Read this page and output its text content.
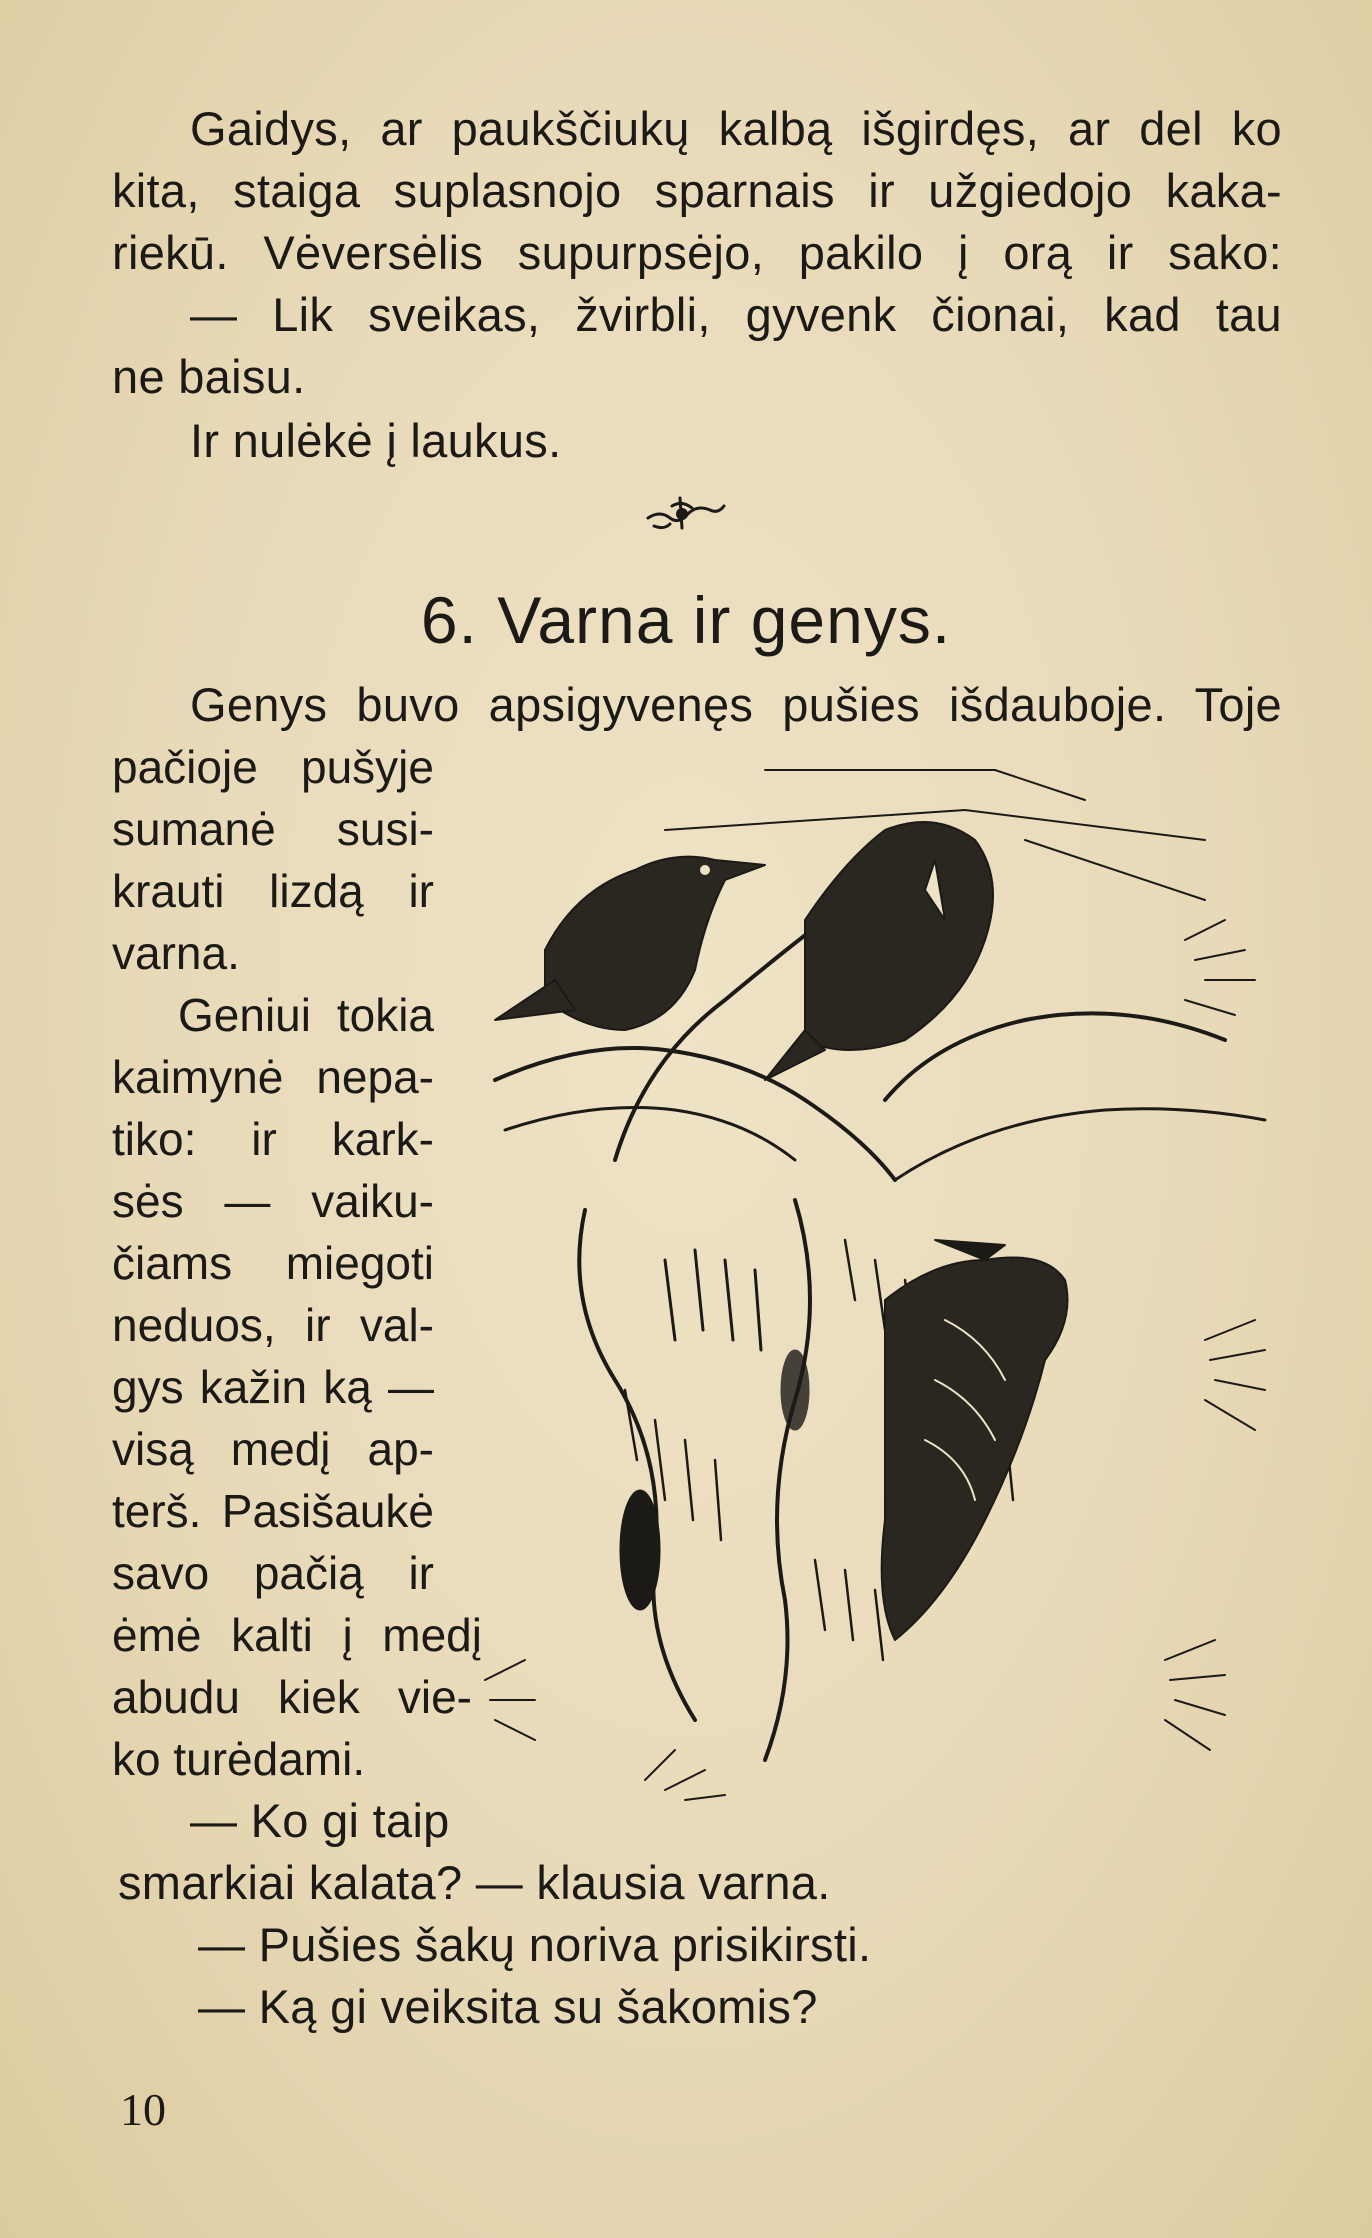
Gaidys, ar paukščiukų kalbą išgirdęs, ar del ko
kita, staiga suplasnojo sparnais ir užgiedojo kaka-
riekū. Vėversėlis supurpsėjo, pakilo į orą ir sako:
— Lik sveikas, žvirbli, gyvenk čionai, kad tau
ne baisu.
Ir nulėkė į laukus.
6. Varna ir genys.
Genys buvo apsigyvenęs pušies išdauboje. Toje
pačioje pušyje
sumanė susi-
krauti lizdą ir
varna.
Geniui tokia
kaimynė nepa-
tiko: ir kark-
sės — vaiku-
čiams miegoti
neduos, ir val-
gys kažin ką —
visą medį ap-
terš. Pasišaukė
savo pačią ir
ėmė kalti į medį
abudu kiek vie-
ko turėdami.
— Ko gi taip
smarkiai kalata? — klausia varna.
— Pušies šakų noriva prisikirsti.
— Ką gi veiksita su šakomis?
10
